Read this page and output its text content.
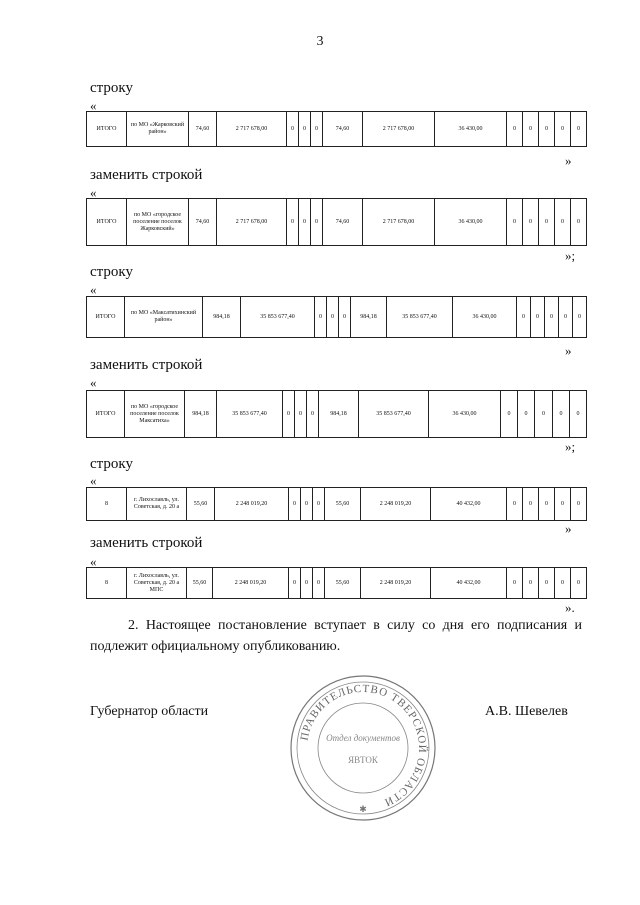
3
строку
«
ИТОГО	по МО «Жарковский район»	74,60	2 717 678,00	0	0	0	74,60	2 717 678,00	36 430,00	0	0	0	0	0
»
заменить строкой
«
ИТОГО	по МО «городское поселение поселок Жарковский»	74,60	2 717 678,00	0	0	0	74,60	2 717 678,00	36 430,00	0	0	0	0	0
»;
строку
«
ИТОГО	по МО «Максатихинский район»	984,18	35 853 677,40	0	0	0	984,18	35 853 677,40	36 430,00	0	0	0	0	0
»
заменить строкой
«
ИТОГО	по МО «городское поселение поселок Максатиха»	984,18	35 853 677,40	0	0	0	984,18	35 853 677,40	36 430,00	0	0	0	0	0
»;
строку
«
8	г. Лихославль, ул. Советская, д. 20 а	55,60	2 248 019,20	0	0	0	55,60	2 248 019,20	40 432,00	0	0	0	0	0
»
заменить строкой
«
8	г. Лихославль, ул. Советская, д. 20 а МПС	55,60	2 248 019,20	0	0	0	55,60	2 248 019,20	40 432,00	0	0	0	0	0
».
2. Настоящее постановление вступает в силу со дня его подписания и подлежит официальному опубликованию.
Губернатор области	А.В. Шевелев
ПРАВИТЕЛЬСТВО ТВЕРСКОЙ ОБЛАСТИ
Отдел документов
ЯВТОК
✱
